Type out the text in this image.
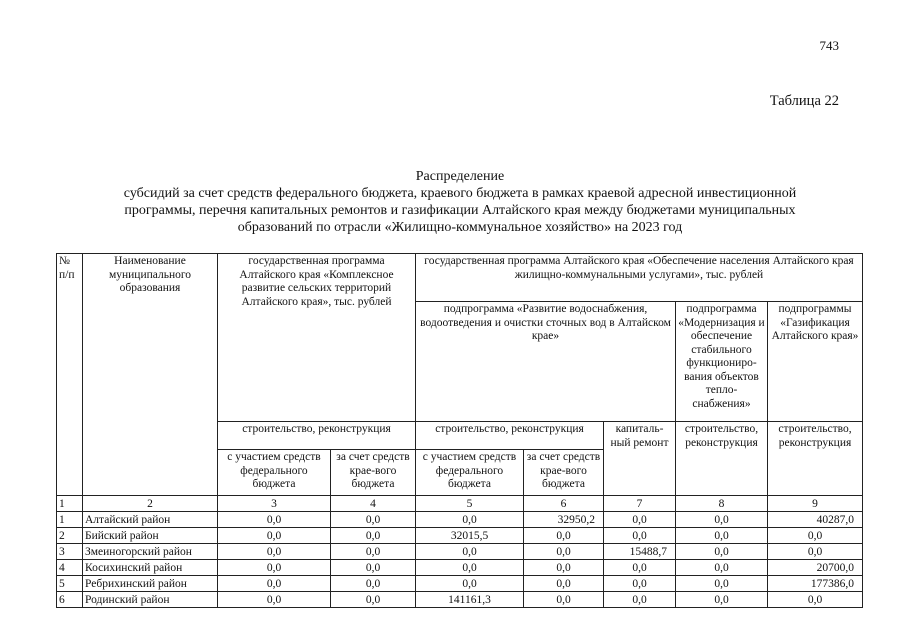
743
Таблица 22
Распределение
субсидий за счет средств федерального бюджета, краевого бюджета в рамках краевой адресной инвестиционной
программы, перечня капитальных ремонтов и газификации Алтайского края между бюджетами муниципальных
образований по отрасли «Жилищно-коммунальное хозяйство» на 2023 год
№ п/п	Наименование муниципального образования	государственная программа Алтайского края «Комплексное развитие сельских территорий Алтайского края», тыс. рублей		государственная программа Алтайского края «Обеспечение населения Алтайского края жилищно-коммунальными услугами», тыс. рублей				
				подпрограмма «Развитие водоснабжения, водоотведения и очистки сточных вод в Алтайском крае»			подпрограмма «Модернизация и обеспечение стабильного функциониро-вания объектов тепло-снабжения»	подпрограммы «Газификация Алтайского края»
		строительство, реконструкция		строительство, реконструкция		капиталь-ный ремонт	строительство, реконструкция	строительство, реконструкция
		с участием средств федерального бюджета	за счет средств крае-вого бюджета	с участием средств федерального бюджета	за счет средств крае-вого бюджета			
1	2	3	4	5	6	7	8	9
1	Алтайский район	0,0	0,0	0,0	32950,2	0,0	0,0	40287,0
2	Бийский район	0,0	0,0	32015,5	0,0	0,0	0,0	0,0
3	Змеиногорский район	0,0	0,0	0,0	0,0	15488,7	0,0	0,0
4	Косихинский район	0,0	0,0	0,0	0,0	0,0	0,0	20700,0
5	Ребрихинский район	0,0	0,0	0,0	0,0	0,0	0,0	177386,0
6	Родинский район	0,0	0,0	141161,3	0,0	0,0	0,0	0,0
